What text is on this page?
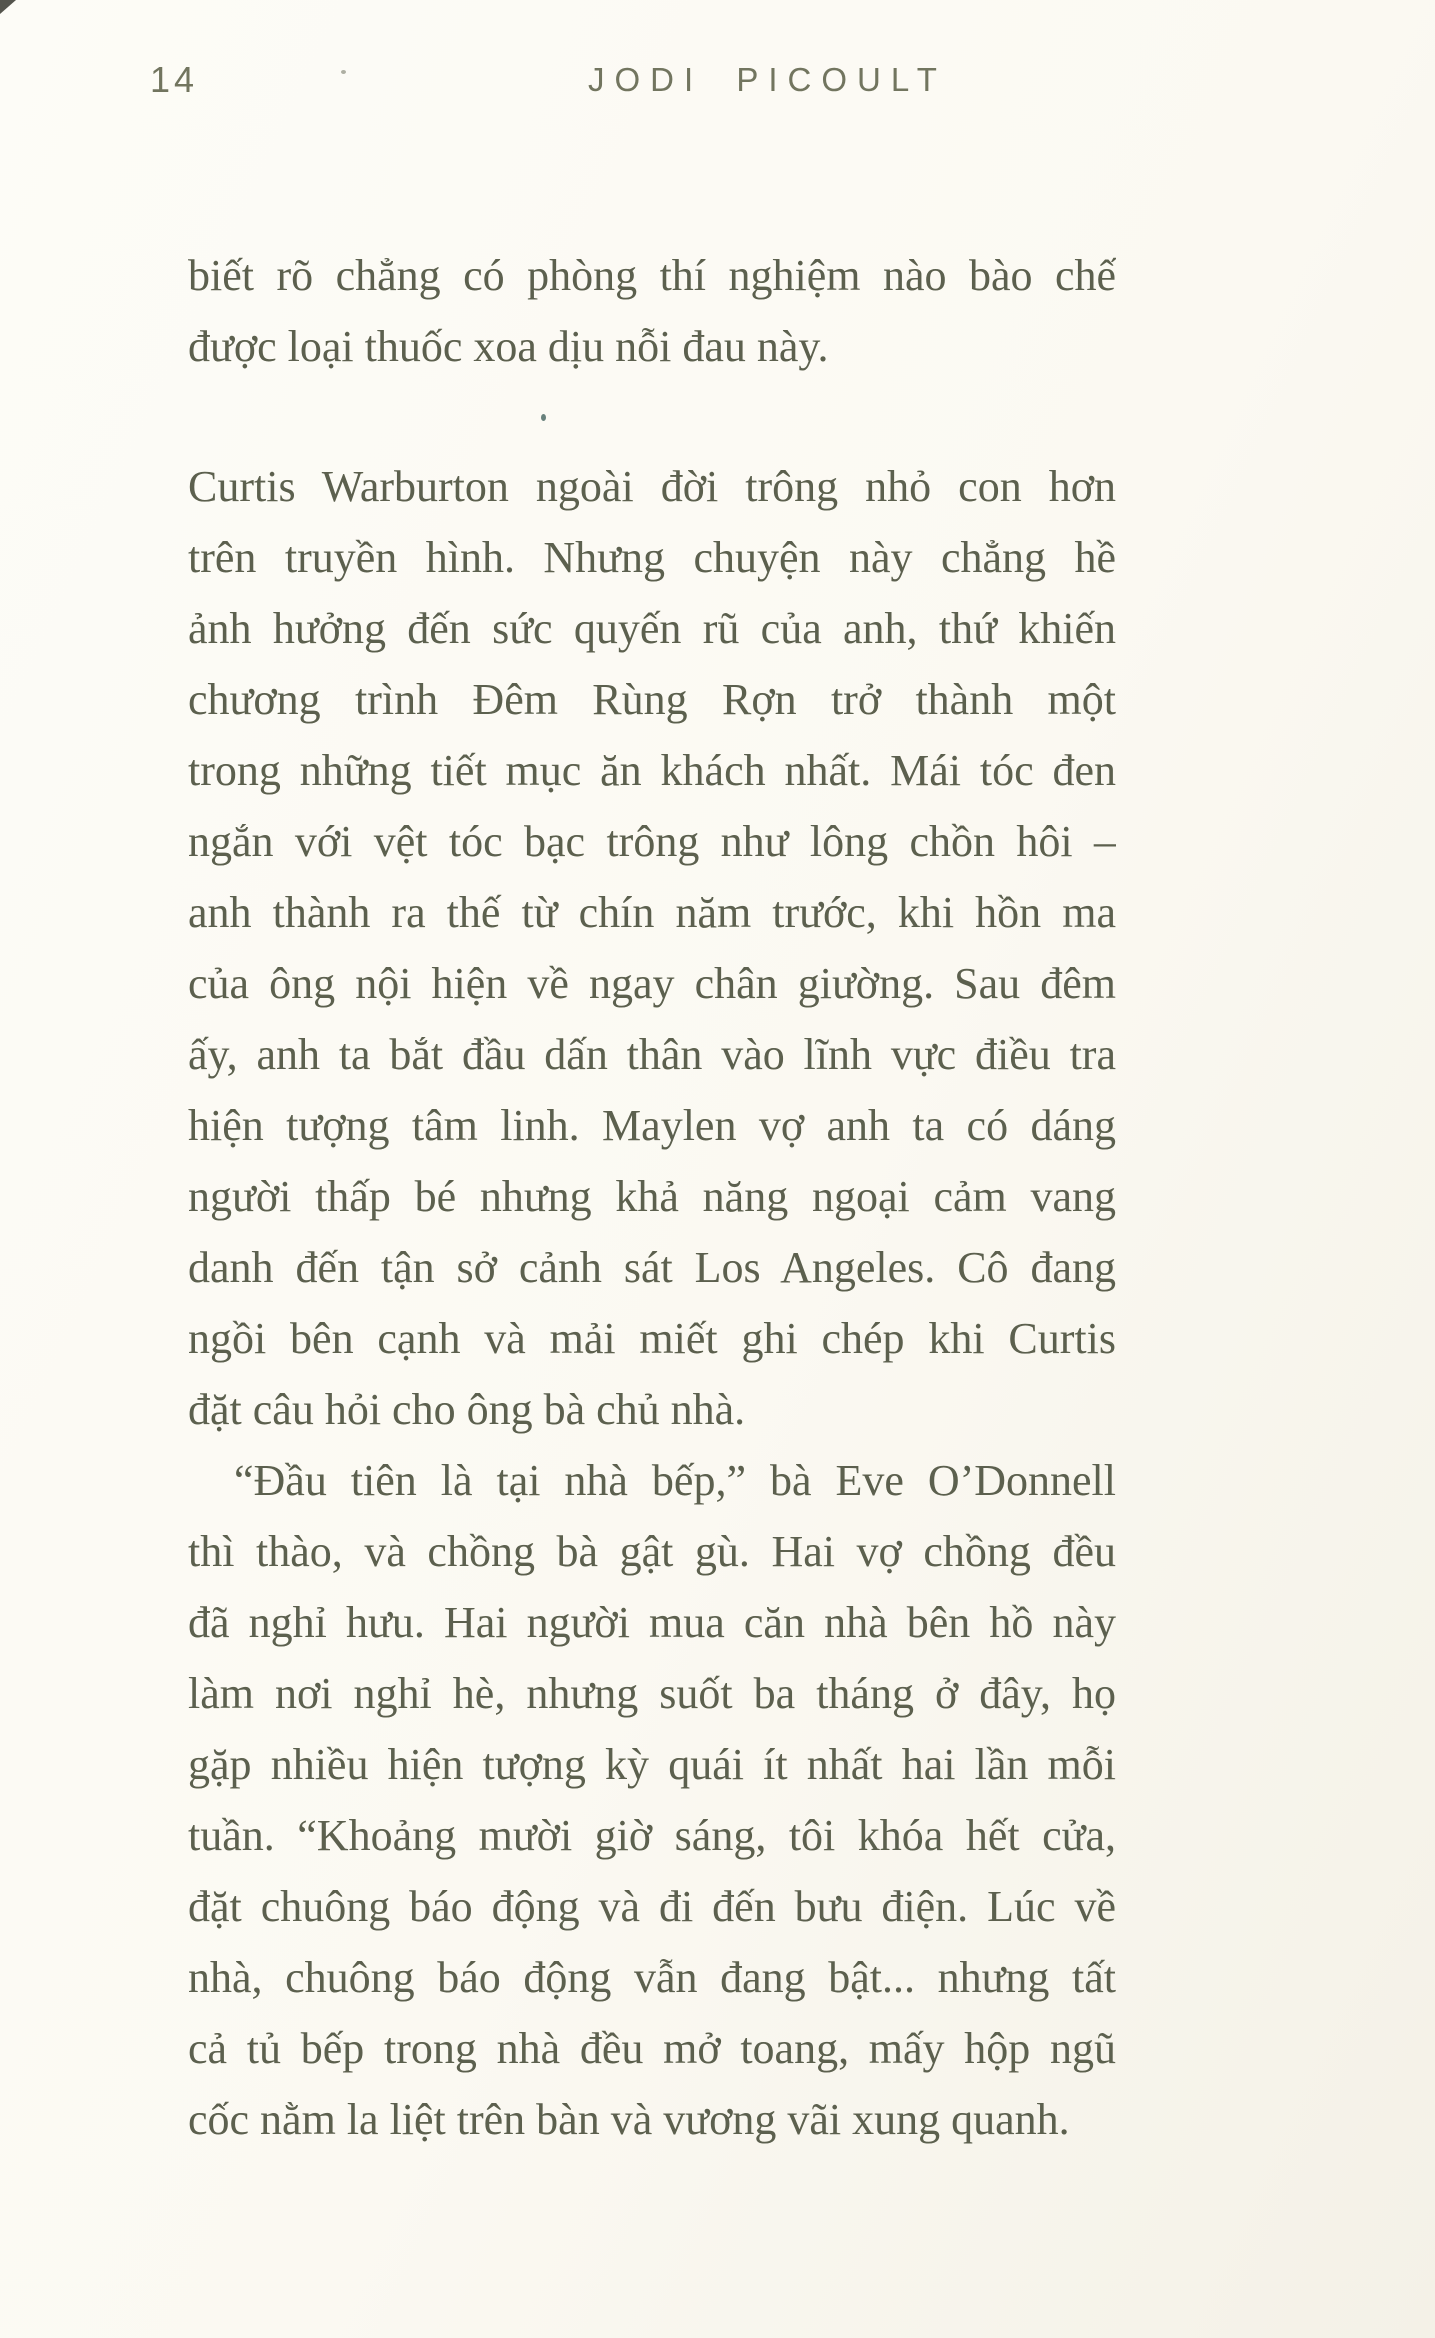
14	JODI PICOULT

biết rõ chẳng có phòng thí nghiệm nào bào chế
được loại thuốc xoa dịu nỗi đau này.

Curtis Warburton ngoài đời trông nhỏ con hơn
trên truyền hình. Nhưng chuyện này chẳng hề
ảnh hưởng đến sức quyến rũ của anh, thứ khiến
chương trình Đêm Rùng Rợn trở thành một
trong những tiết mục ăn khách nhất. Mái tóc đen
ngắn với vệt tóc bạc trông như lông chồn hôi –
anh thành ra thế từ chín năm trước, khi hồn ma
của ông nội hiện về ngay chân giường. Sau đêm
ấy, anh ta bắt đầu dấn thân vào lĩnh vực điều tra
hiện tượng tâm linh. Maylen vợ anh ta có dáng
người thấp bé nhưng khả năng ngoại cảm vang
danh đến tận sở cảnh sát Los Angeles. Cô đang
ngồi bên cạnh và mải miết ghi chép khi Curtis
đặt câu hỏi cho ông bà chủ nhà.

“Đầu tiên là tại nhà bếp,” bà Eve O’Donnell
thì thào, và chồng bà gật gù. Hai vợ chồng đều
đã nghỉ hưu. Hai người mua căn nhà bên hồ này
làm nơi nghỉ hè, nhưng suốt ba tháng ở đây, họ
gặp nhiều hiện tượng kỳ quái ít nhất hai lần mỗi
tuần. “Khoảng mười giờ sáng, tôi khóa hết cửa,
đặt chuông báo động và đi đến bưu điện. Lúc về
nhà, chuông báo động vẫn đang bật... nhưng tất
cả tủ bếp trong nhà đều mở toang, mấy hộp ngũ
cốc nằm la liệt trên bàn và vương vãi xung quanh.
